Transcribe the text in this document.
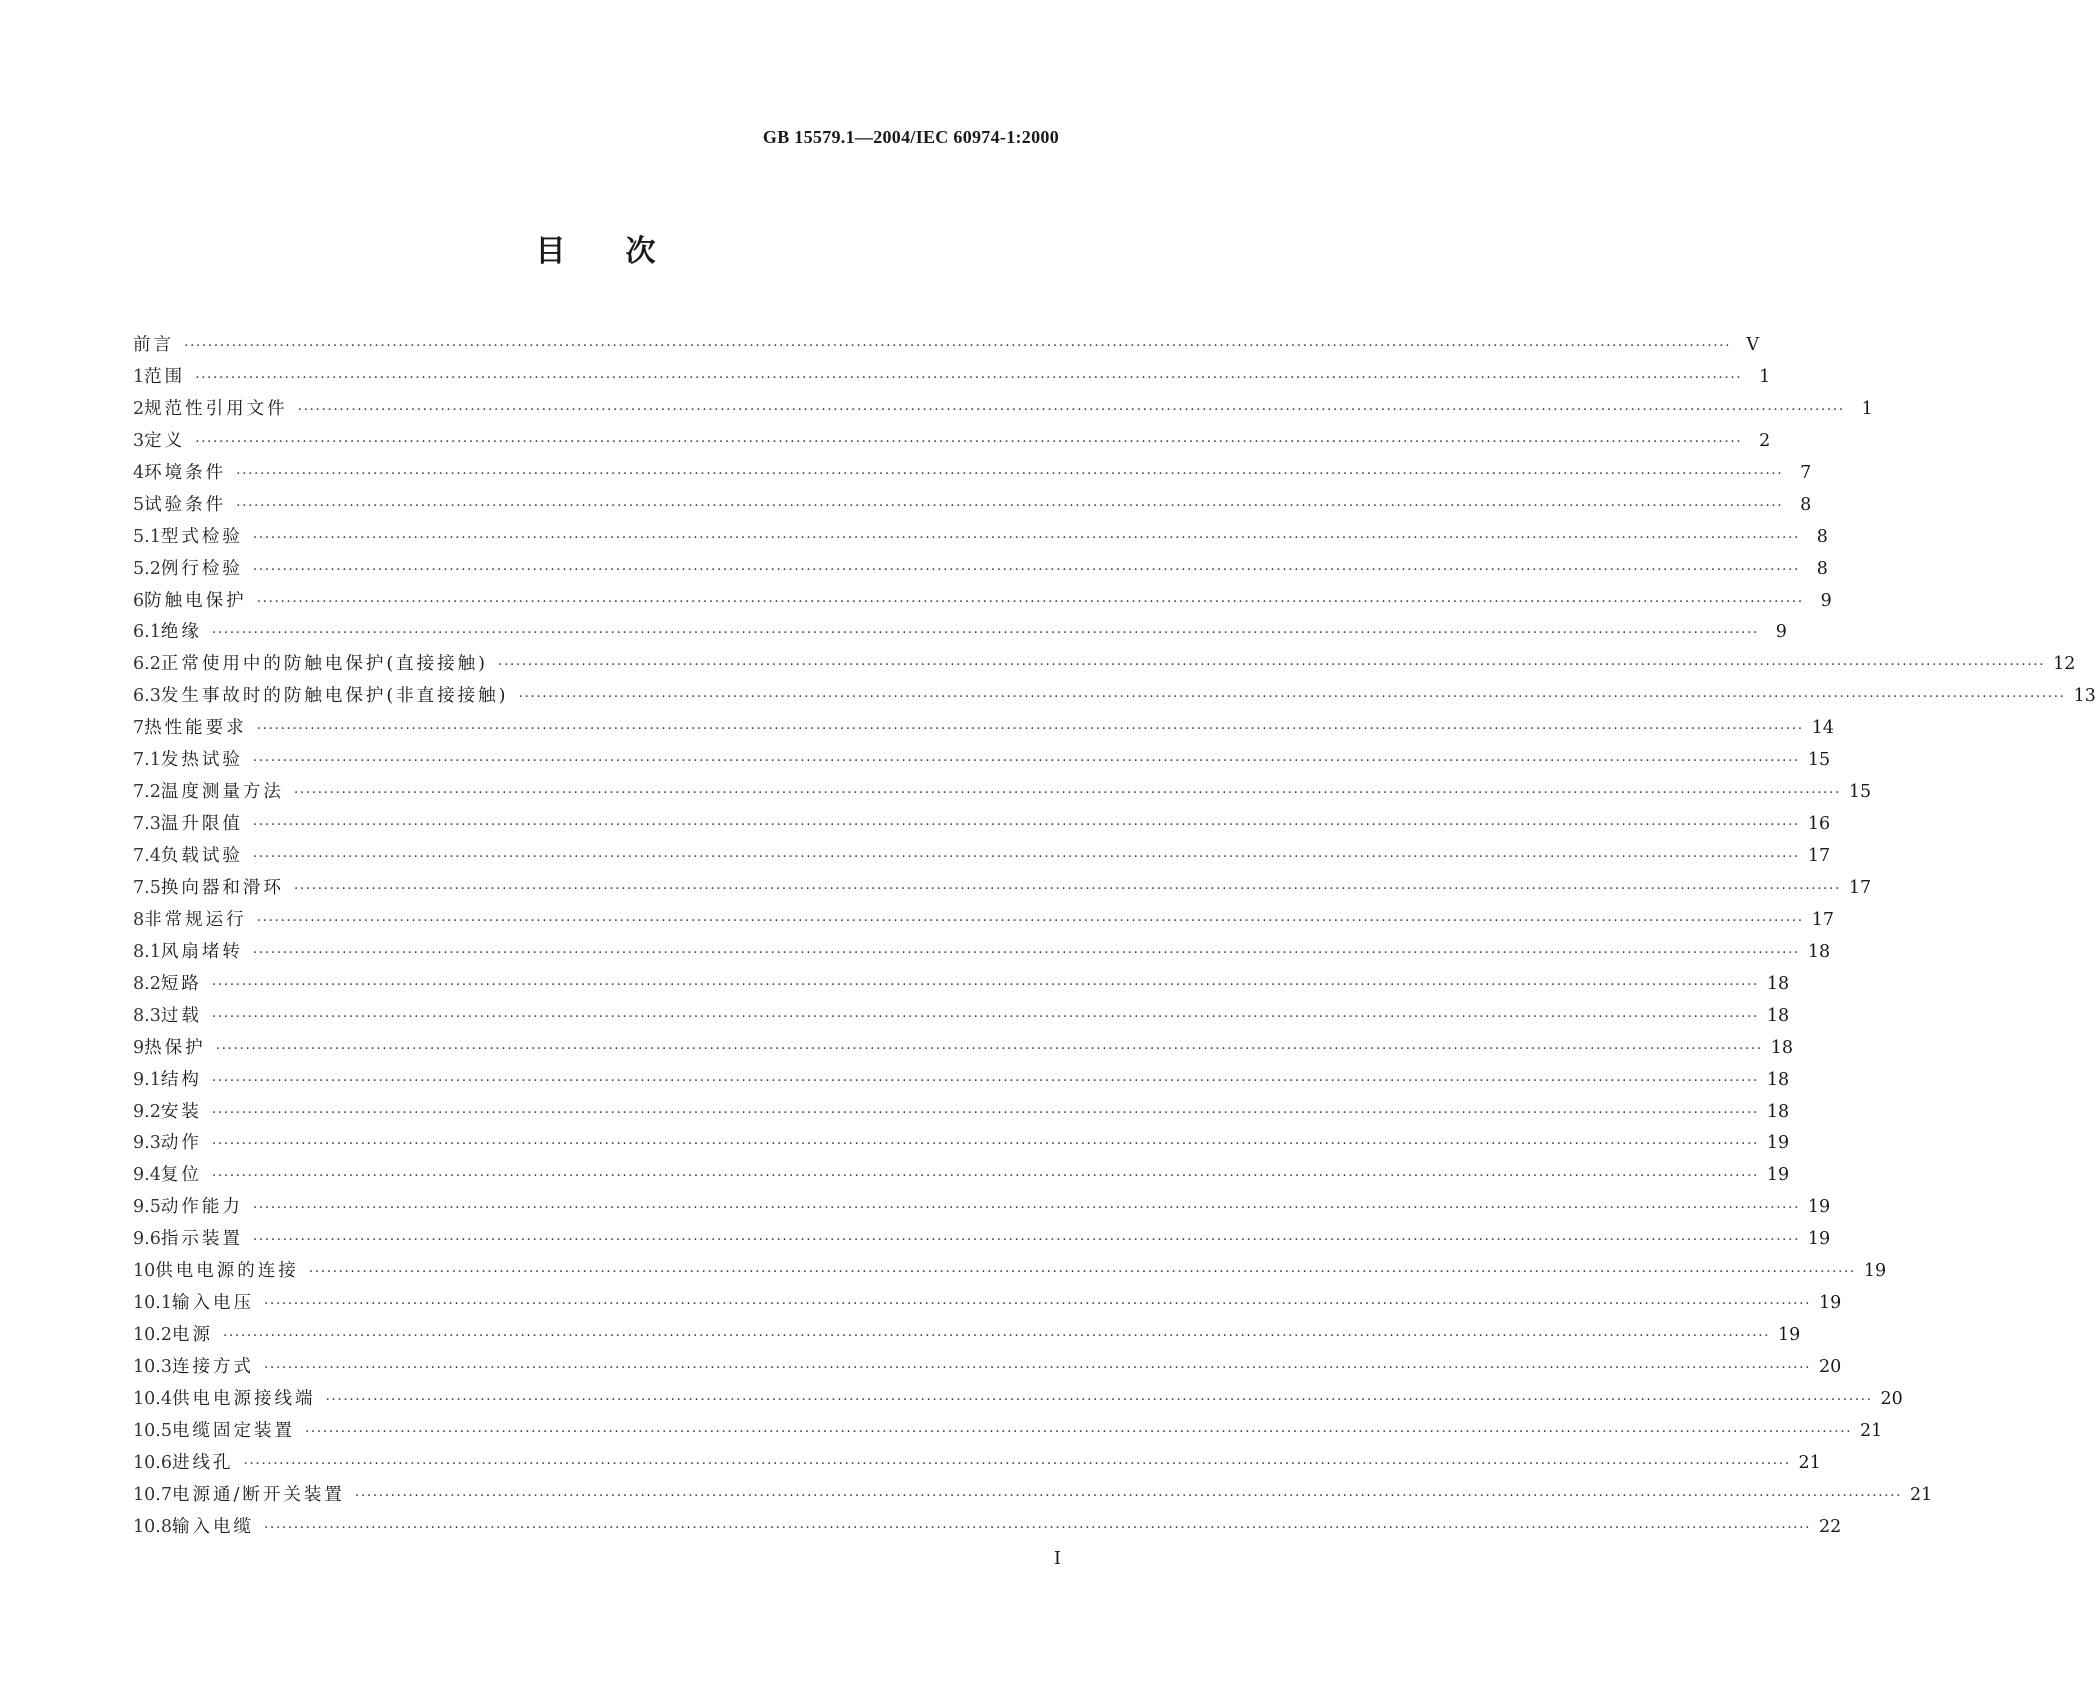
GB 15579.1—2004/IEC 60974-1:2000
目次
前言 ···································································································································································································································································· V
1 范围 ···································································································································································································································································· 1
2 规范性引用文件 ···································································································································································································································································· 1
3 定义 ···································································································································································································································································· 2
4 环境条件 ···································································································································································································································································· 7
5 试验条件 ···································································································································································································································································· 8
5.1 型式检验 ···································································································································································································································································· 8
5.2 例行检验 ···································································································································································································································································· 8
6 防触电保护 ···································································································································································································································································· 9
6.1 绝缘 ···································································································································································································································································· 9
6.2 正常使用中的防触电保护(直接接触) ···································································································································································································································································· 12
6.3 发生事故时的防触电保护(非直接接触) ···································································································································································································································································· 13
7 热性能要求 ···································································································································································································································································· 14
7.1 发热试验 ···································································································································································································································································· 15
7.2 温度测量方法 ···································································································································································································································································· 15
7.3 温升限值 ···································································································································································································································································· 16
7.4 负载试验 ···································································································································································································································································· 17
7.5 换向器和滑环 ···································································································································································································································································· 17
8 非常规运行 ···································································································································································································································································· 17
8.1 风扇堵转 ···································································································································································································································································· 18
8.2 短路 ···································································································································································································································································· 18
8.3 过载 ···································································································································································································································································· 18
9 热保护 ···································································································································································································································································· 18
9.1 结构 ···································································································································································································································································· 18
9.2 安装 ···································································································································································································································································· 18
9.3 动作 ···································································································································································································································································· 19
9.4 复位 ···································································································································································································································································· 19
9.5 动作能力 ···································································································································································································································································· 19
9.6 指示装置 ···································································································································································································································································· 19
10 供电电源的连接 ···································································································································································································································································· 19
10.1 输入电压 ···································································································································································································································································· 19
10.2 电源 ···································································································································································································································································· 19
10.3 连接方式 ···································································································································································································································································· 20
10.4 供电电源接线端 ···································································································································································································································································· 20
10.5 电缆固定装置 ···································································································································································································································································· 21
10.6 进线孔 ···································································································································································································································································· 21
10.7 电源通/断开关装置 ···································································································································································································································································· 21
10.8 输入电缆 ···································································································································································································································································· 22
I
